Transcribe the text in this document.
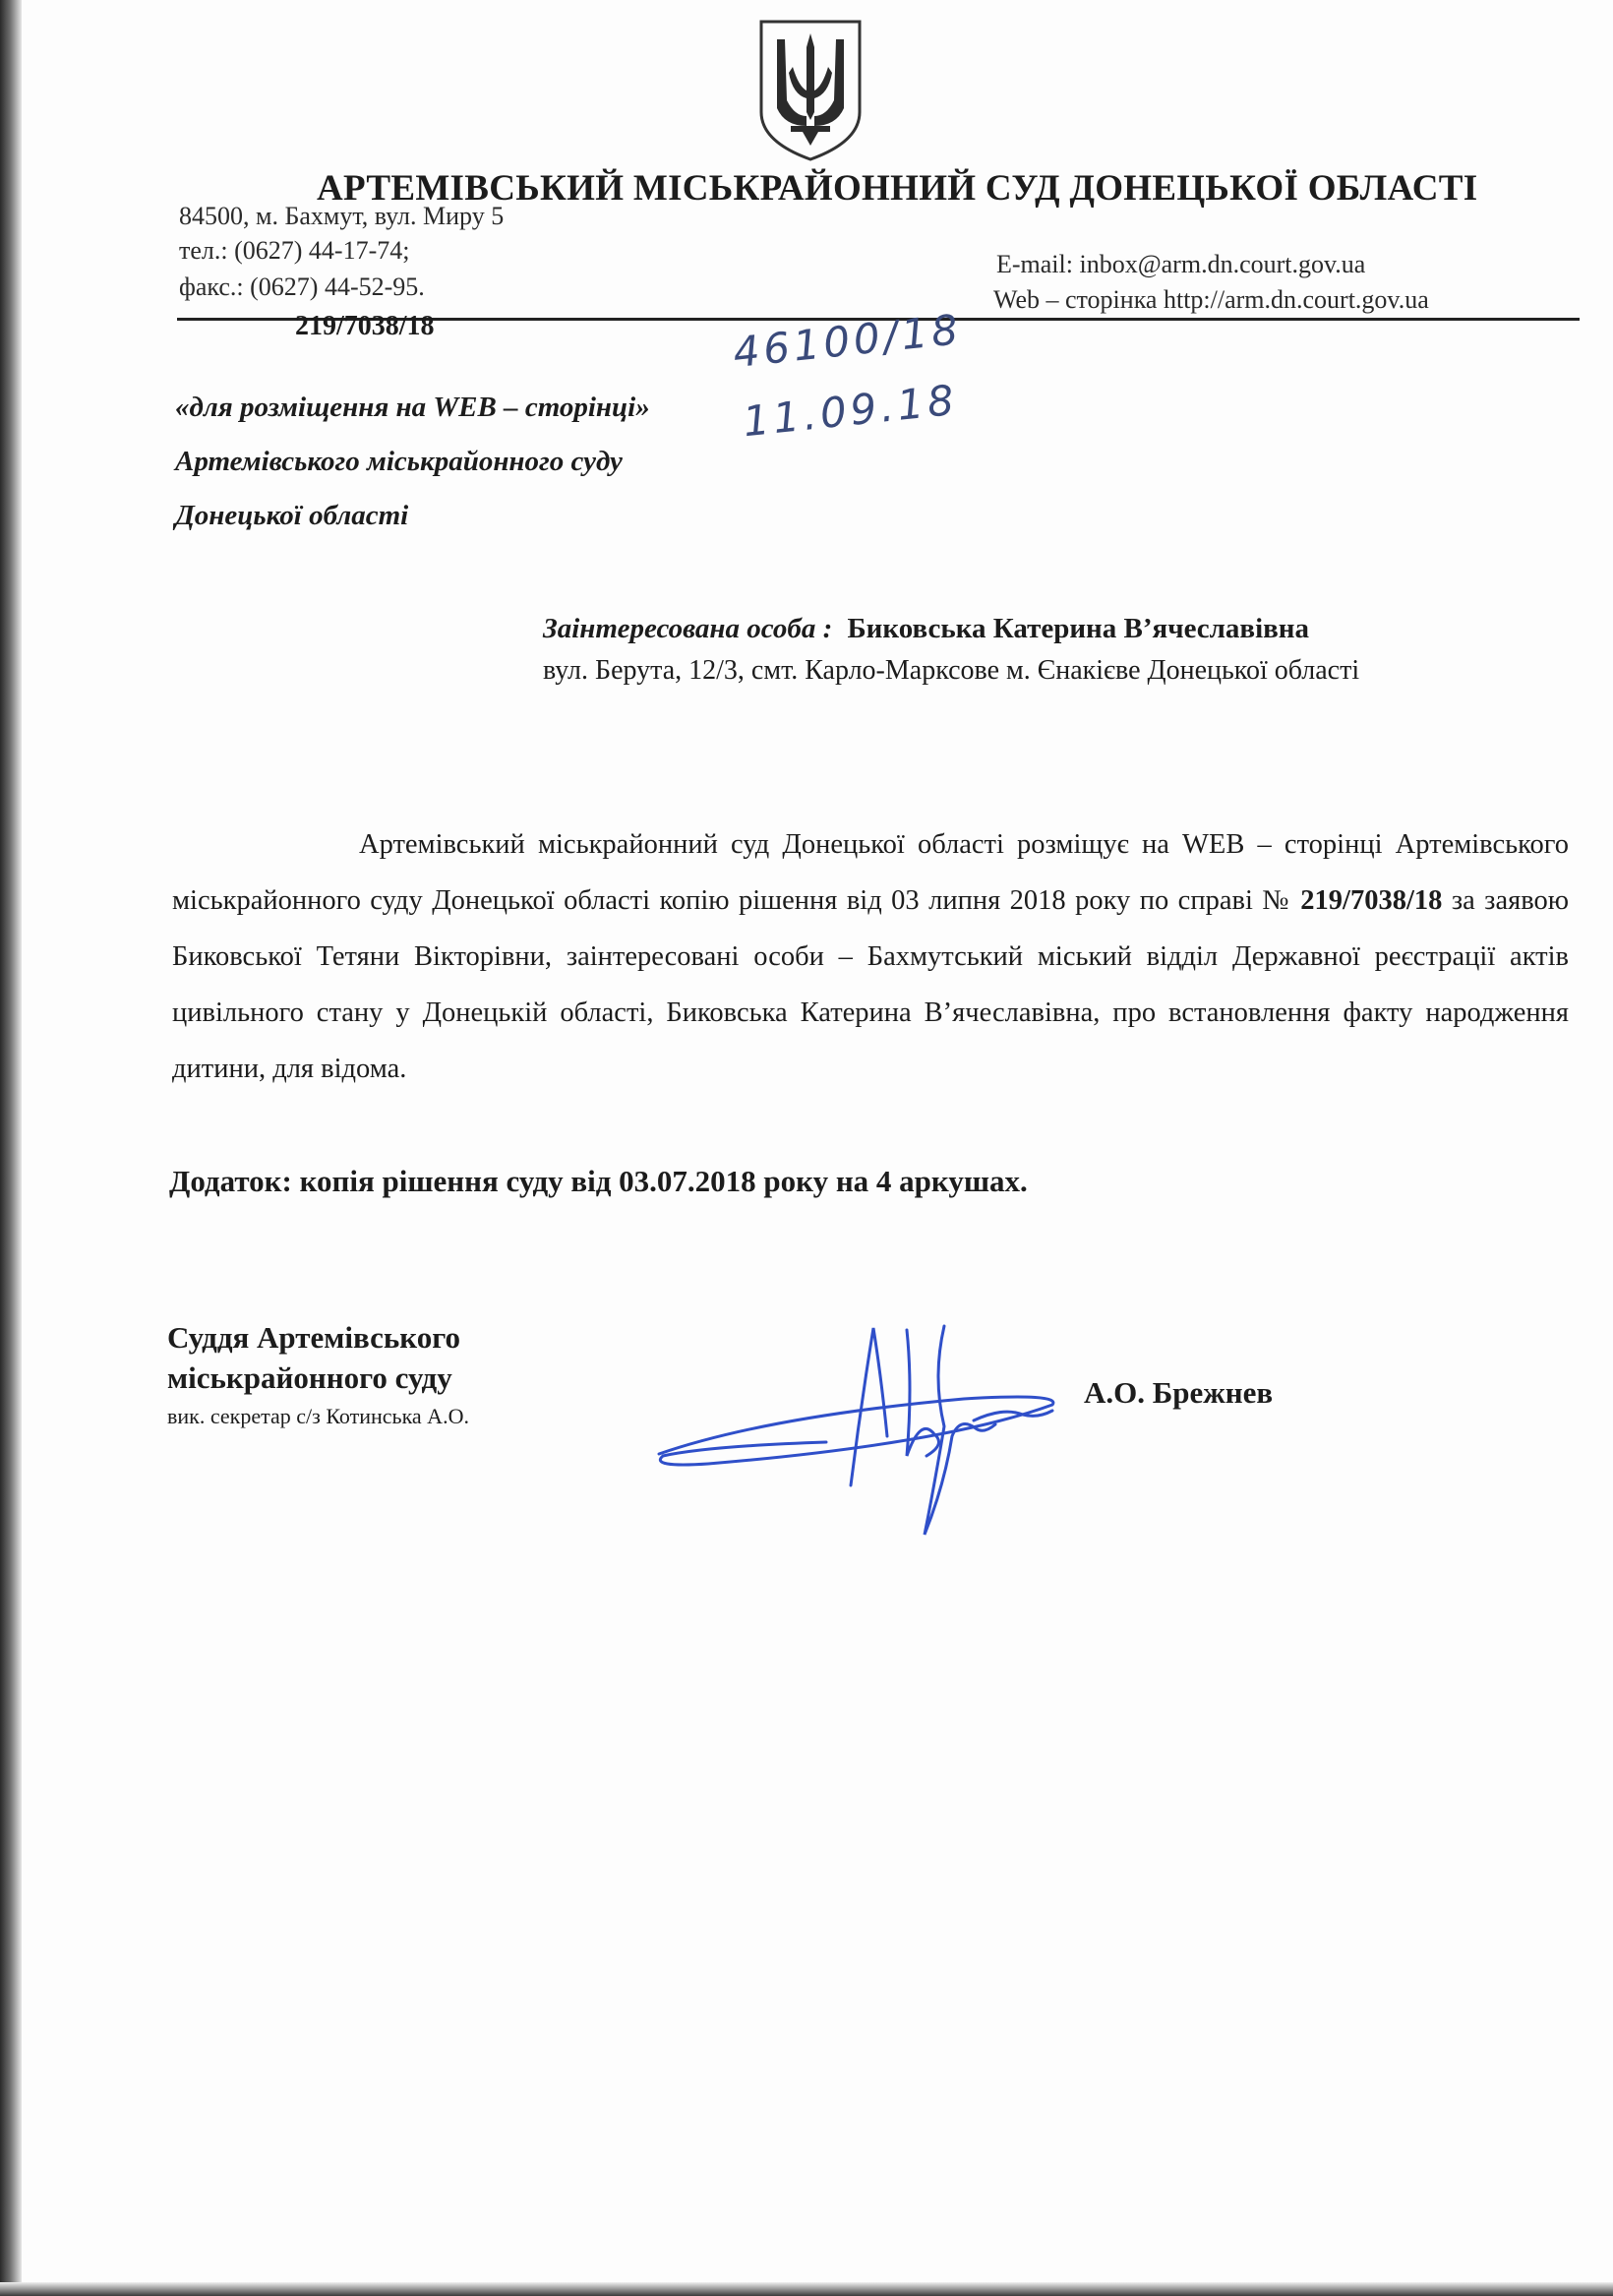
АРТЕМІВСЬКИЙ МІСЬКРАЙОННИЙ СУД ДОНЕЦЬКОЇ ОБЛАСТІ
84500, м. Бахмут, вул. Миру 5
тел.: (0627) 44-17-74;
факс.: (0627) 44-52-95.
E-mail: inbox@arm.dn.court.gov.ua
Web – сторінка http://arm.dn.court.gov.ua
219/7038/18	46100/18
11.09.18
«для розміщення на WEB – сторінці»
Артемівського міськрайонного суду
Донецької області
Заінтересована особа : Биковська Катерина В’ячеславівна
вул. Берута, 12/3, смт. Карло-Марксове м. Єнакієве Донецької області

Артемівський міськрайонний суд Донецької області розміщує на WEB – сторінці Артемівського міськрайонного суду Донецької області копію рішення від 03 липня 2018 року по справі № 219/7038/18 за заявою Биковської Тетяни Вікторівни, заінтересовані особи – Бахмутський міський відділ Державної реєстрації актів цивільного стану у Донецькій області, Биковська Катерина В’ячеславівна, про встановлення факту народження дитини, для відома.

Додаток: копія рішення суду від 03.07.2018 року на 4 аркушах.
Суддя Артемівського
міськрайонного суду
вик. секретар с/з Котинська А.О.
А.О. Брежнев
